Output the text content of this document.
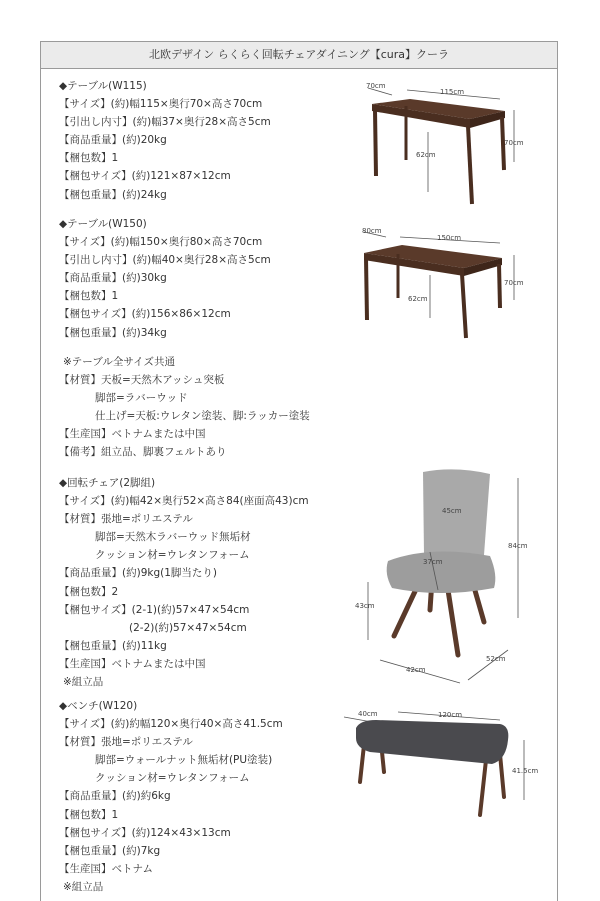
北欧デザイン らくらく回転チェアダイニング【cura】クーラ
◆テーブル(W115)
【サイズ】(約)幅115×奥行70×高さ70cm
【引出し内寸】(約)幅37×奥行28×高さ5cm
【商品重量】(約)20kg
【梱包数】1
【梱包サイズ】(約)121×87×12cm
【梱包重量】(約)24kg
◆テーブル(W150)
【サイズ】(約)幅150×奥行80×高さ70cm
【引出し内寸】(約)幅40×奥行28×高さ5cm
【商品重量】(約)30kg
【梱包数】1
【梱包サイズ】(約)156×86×12cm
【梱包重量】(約)34kg
※テーブル全サイズ共通
【材質】天板=天然木アッシュ突板
脚部=ラバーウッド
仕上げ=天板:ウレタン塗装、脚:ラッカー塗装
【生産国】ベトナムまたは中国
【備考】組立品、脚裏フェルトあり
◆回転チェア(2脚組)
【サイズ】(約)幅42×奥行52×高さ84(座面高43)cm
【材質】張地=ポリエステル
脚部=天然木ラバーウッド無垢材
クッション材=ウレタンフォーム
【商品重量】(約)9kg(1脚当たり)
【梱包数】2
【梱包サイズ】(2-1)(約)57×47×54cm
(2-2)(約)57×47×54cm
【梱包重量】(約)11kg
【生産国】ベトナムまたは中国
※組立品
◆ベンチ(W120)
【サイズ】(約)約幅120×奥行40×高さ41.5cm
【材質】張地=ポリエステル
脚部=ウォールナット無垢材(PU塗装)
クッション材=ウレタンフォーム
【商品重量】(約)約6kg
【梱包数】1
【梱包サイズ】(約)124×43×13cm
【梱包重量】(約)7kg
【生産国】ベトナム
※組立品
70cm
115cm
62cm
70cm
80cm
150cm
62cm
70cm
45cm
37cm
84cm
43cm
42cm
52cm
40cm	120cm
41.5cm
